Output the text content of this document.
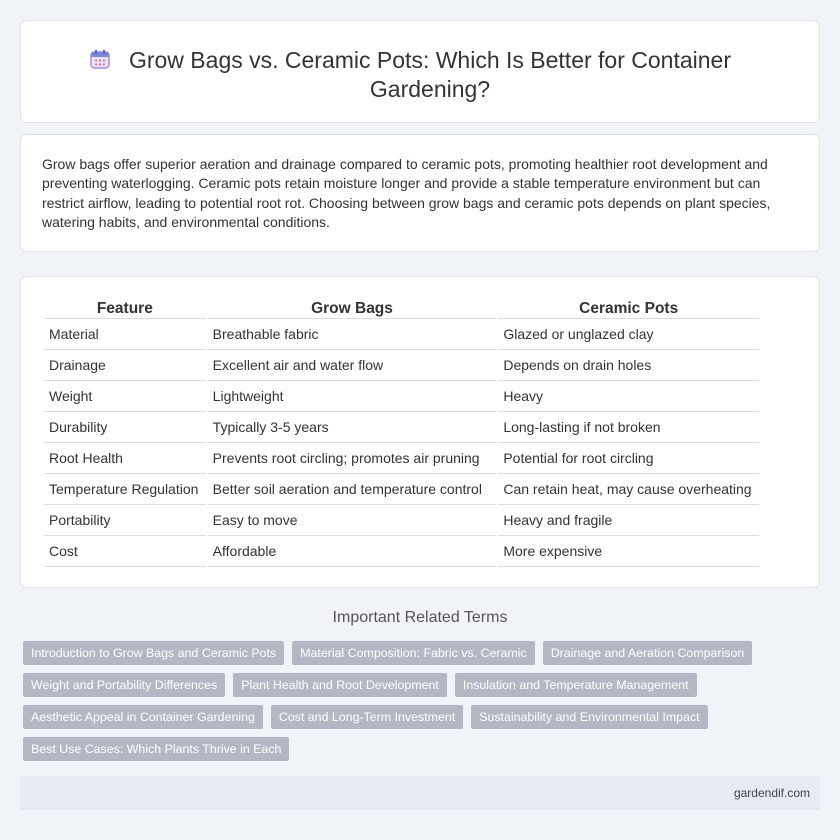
Grow Bags vs. Ceramic Pots: Which Is Better for Container Gardening?

Grow bags offer superior aeration and drainage compared to ceramic pots, promoting healthier root development and preventing waterlogging. Ceramic pots retain moisture longer and provide a stable temperature environment but can restrict airflow, leading to potential root rot. Choosing between grow bags and ceramic pots depends on plant species, watering habits, and environmental conditions.

Feature	Grow Bags	Ceramic Pots
Material	Breathable fabric	Glazed or unglazed clay
Drainage	Excellent air and water flow	Depends on drain holes
Weight	Lightweight	Heavy
Durability	Typically 3-5 years	Long-lasting if not broken
Root Health	Prevents root circling; promotes air pruning	Potential for root circling
Temperature Regulation	Better soil aeration and temperature control	Can retain heat, may cause overheating
Portability	Easy to move	Heavy and fragile
Cost	Affordable	More expensive
Important Related Terms
Introduction to Grow Bags and Ceramic Pots	Material Composition: Fabric vs. Ceramic	Drainage and Aeration Comparison
Weight and Portability Differences	Plant Health and Root Development	Insulation and Temperature Management
Aesthetic Appeal in Container Gardening	Cost and Long-Term Investment	Sustainability and Environmental Impact
Best Use Cases: Which Plants Thrive in Each
gardendif.com
